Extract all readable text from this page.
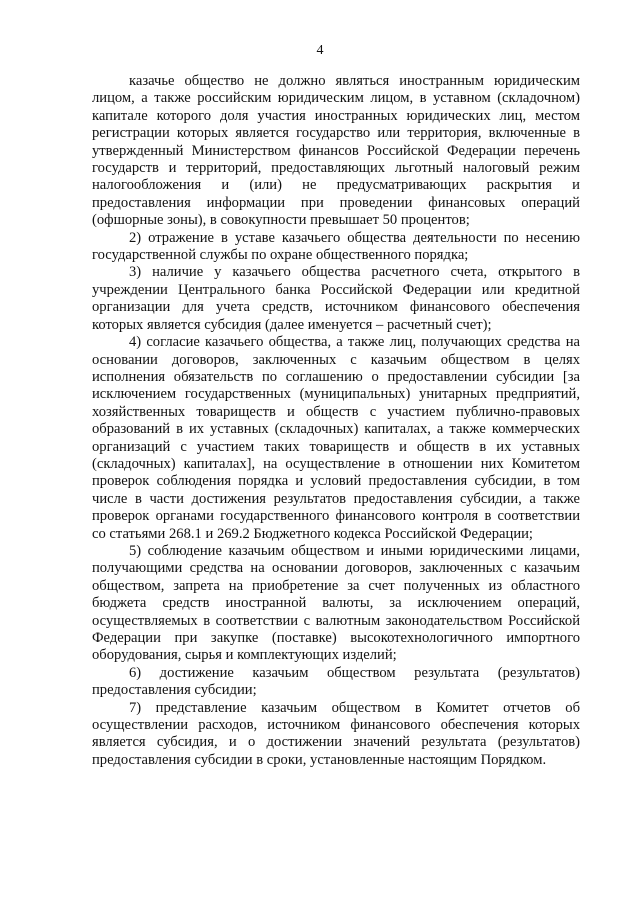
4

казачье общество не должно являться иностранным юридическим лицом, а также российским юридическим лицом, в уставном (складочном) капитале которого доля участия иностранных юридических лиц, местом регистрации которых является государство или территория, включенные в утвержденный Министерством финансов Российской Федерации перечень государств и территорий, предоставляющих льготный налоговый режим налогообложения и (или) не предусматривающих раскрытия и предоставления информации при проведении финансовых операций (офшорные зоны), в совокупности превышает 50 процентов;

2) отражение в уставе казачьего общества деятельности по несению государственной службы по охране общественного порядка;

3) наличие у казачьего общества расчетного счета, открытого в учреждении Центрального банка Российской Федерации или кредитной организации для учета средств, источником финансового обеспечения которых является субсидия (далее именуется – расчетный счет);

4) согласие казачьего общества, а также лиц, получающих средства на основании договоров, заключенных с казачьим обществом в целях исполнения обязательств по соглашению о предоставлении субсидии [за исключением государственных (муниципальных) унитарных предприятий, хозяйственных товариществ и обществ с участием публично-правовых образований в их уставных (складочных) капиталах, а также коммерческих организаций с участием таких товариществ и обществ в их уставных (складочных) капиталах], на осуществление в отношении них Комитетом проверок соблюдения порядка и условий предоставления субсидии, в том числе в части достижения результатов предоставления субсидии, а также проверок органами государственного финансового контроля в соответствии со статьями 268.1 и 269.2 Бюджетного кодекса Российской Федерации;

5) соблюдение казачьим обществом и иными юридическими лицами, получающими средства на основании договоров, заключенных с казачьим обществом, запрета на приобретение за счет полученных из областного бюджета средств иностранной валюты, за исключением операций, осуществляемых в соответствии с валютным законодательством Российской Федерации при закупке (поставке) высокотехнологичного импортного оборудования, сырья и комплектующих изделий;

6) достижение казачьим обществом результата (результатов) предоставления субсидии;

7) представление казачьим обществом в Комитет отчетов об осуществлении расходов, источником финансового обеспечения которых является субсидия, и о достижении значений результата (результатов) предоставления субсидии в сроки, установленные настоящим Порядком.
